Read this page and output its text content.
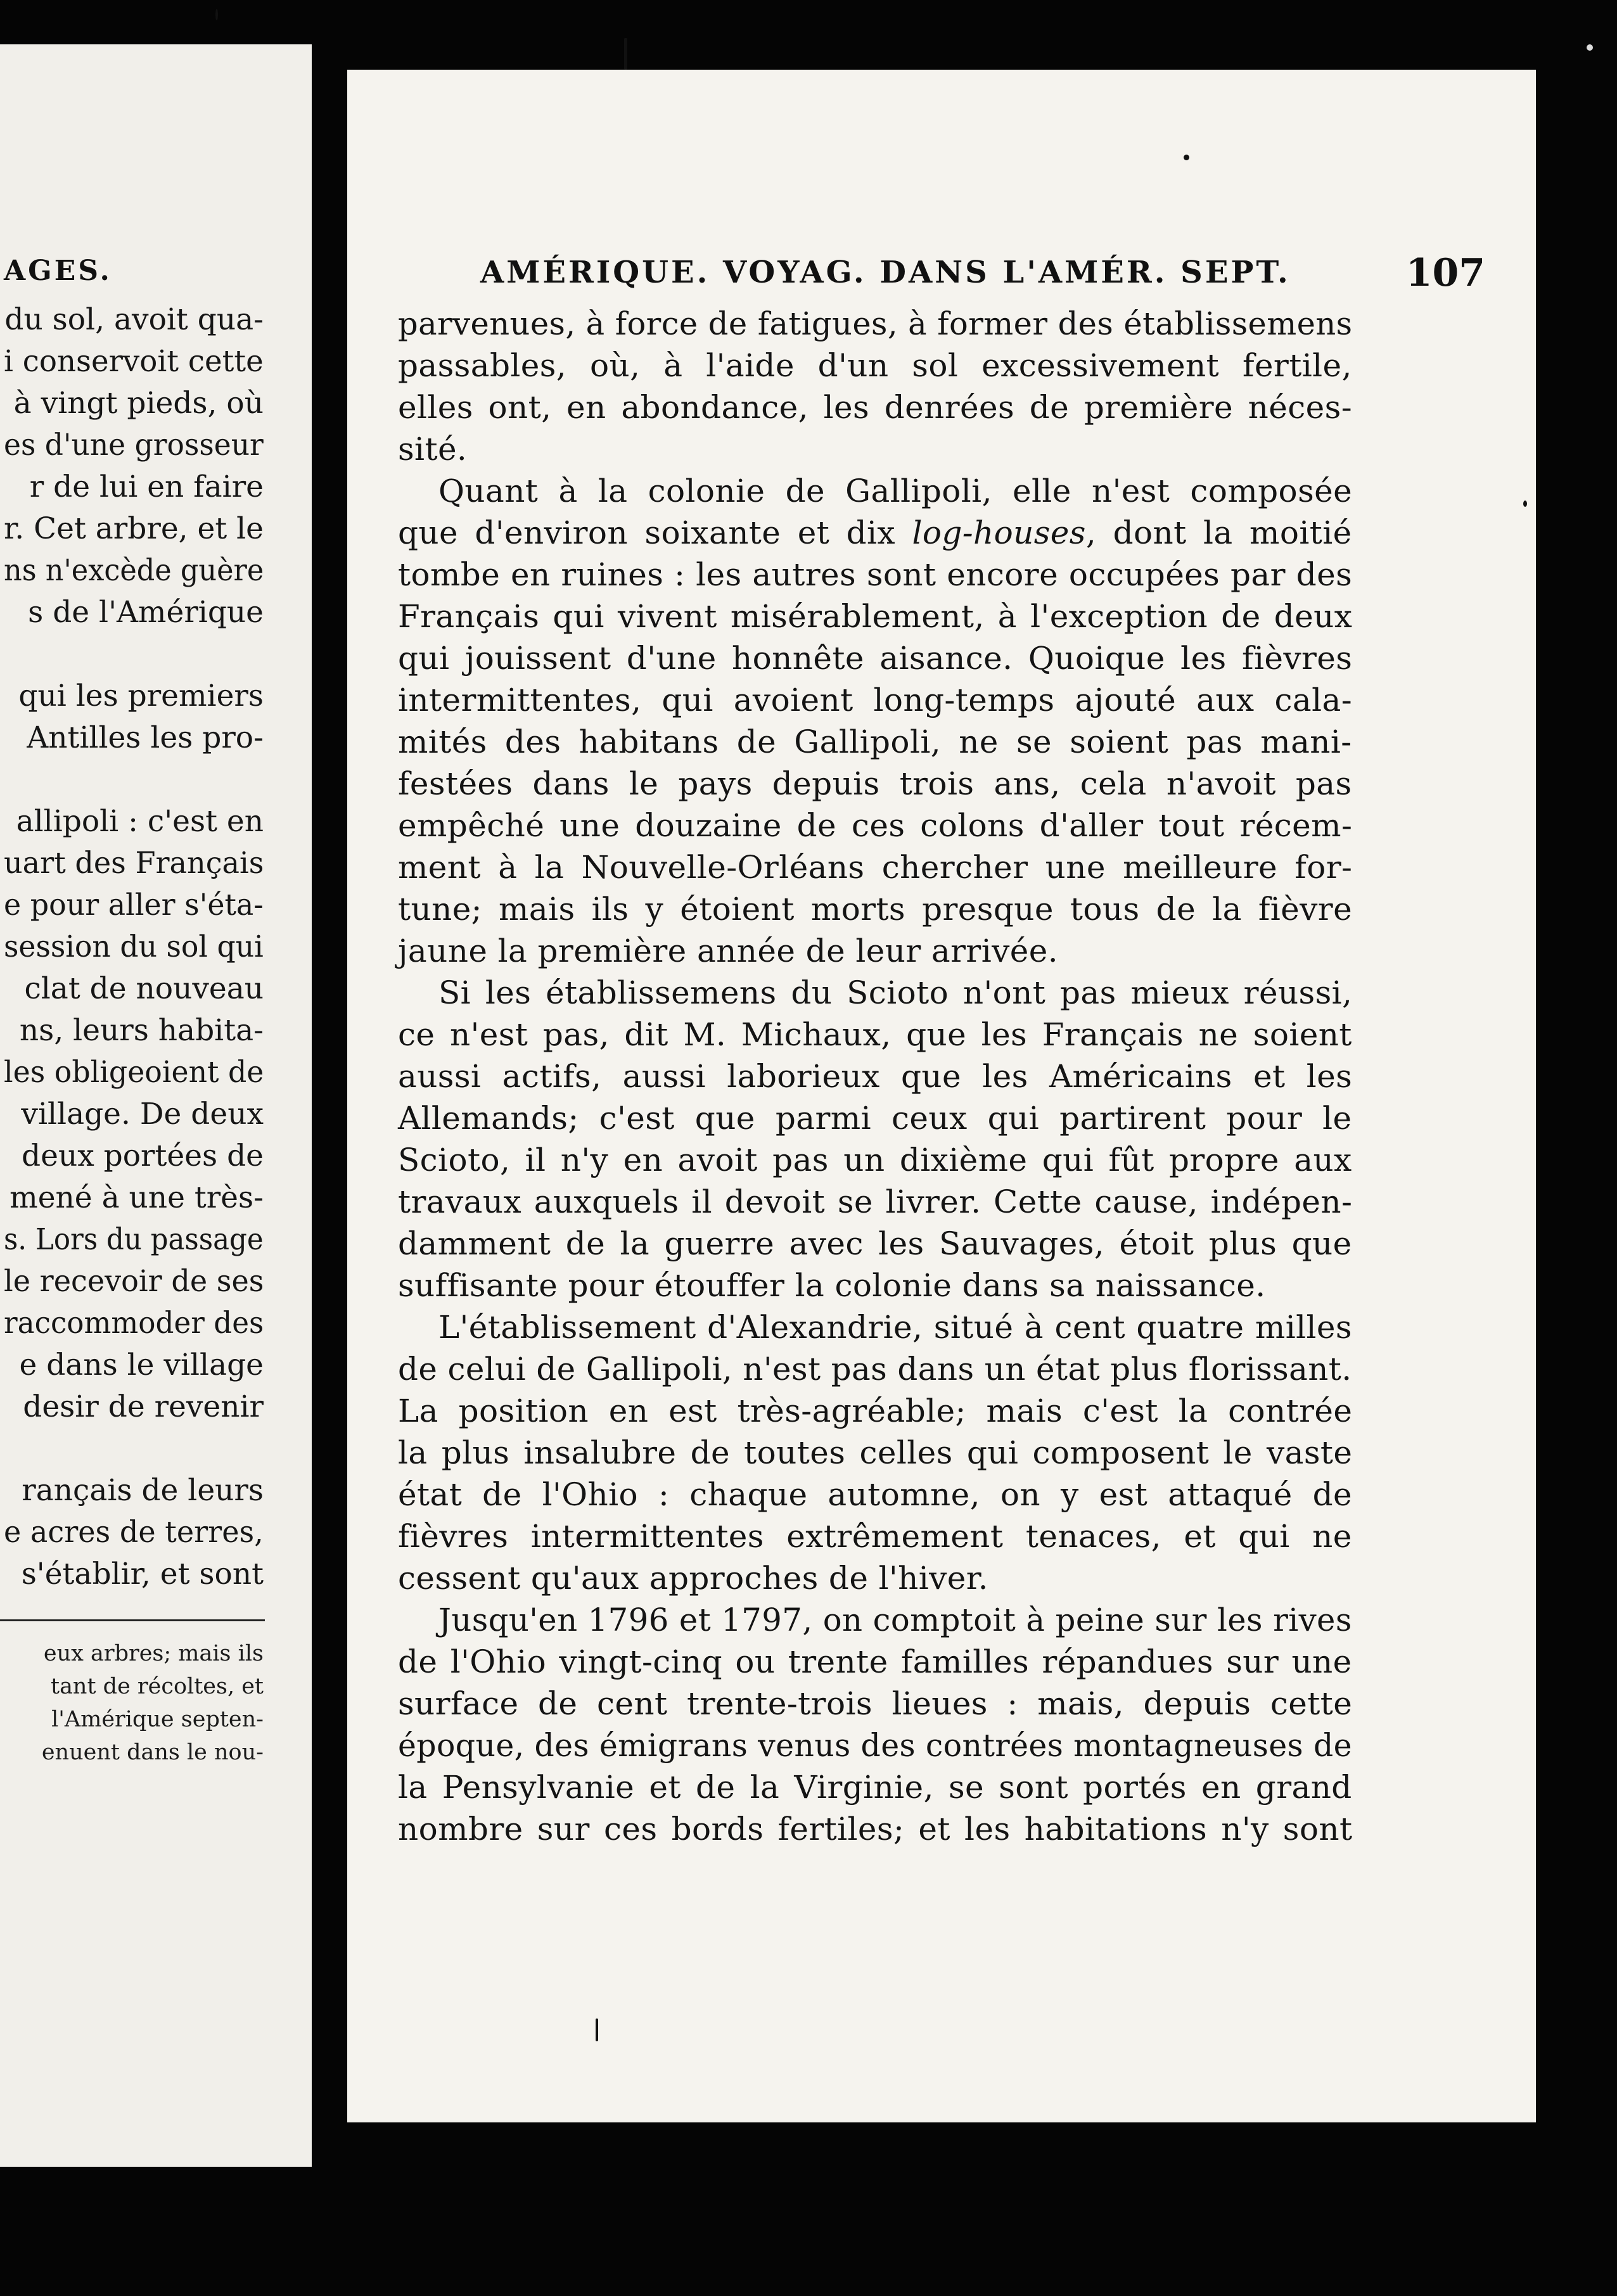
AGES.
du sol, avoit qua-
i conservoit cette
à vingt pieds, où
es d'une grosseur
r de lui en faire
r. Cet arbre, et le
ns n'excède guère
s de l'Amérique
qui les premiers
Antilles les pro-
allipoli : c'est en
uart des Français
e pour aller s'éta-
session du sol qui
clat de nouveau
ns, leurs habita-
les obligeoient de
village. De deux
deux portées de
mené à une très-
s. Lors du passage
le recevoir de ses
raccommoder des
e dans le village
desir de revenir
rançais de leurs
e acres de terres,
s'établir, et sont
eux arbres; mais ils
tant de récoltes, et
l'Amérique septen-
enuent dans le nou-
AMÉRIQUE. VOYAG. DANS L'AMÉR. SEPT.	107
parvenues, à force de fatigues, à former des établissemens
passables, où, à l'aide d'un sol excessivement fertile,
elles ont, en abondance, les denrées de première néces-
sité.
Quant à la colonie de Gallipoli, elle n'est composée
que d'environ soixante et dix log-houses, dont la moitié
tombe en ruines : les autres sont encore occupées par des
Français qui vivent misérablement, à l'exception de deux
qui jouissent d'une honnête aisance. Quoique les fièvres
intermittentes, qui avoient long-temps ajouté aux cala-
mités des habitans de Gallipoli, ne se soient pas mani-
festées dans le pays depuis trois ans, cela n'avoit pas
empêché une douzaine de ces colons d'aller tout récem-
ment à la Nouvelle-Orléans chercher une meilleure for-
tune; mais ils y étoient morts presque tous de la fièvre
jaune la première année de leur arrivée.
Si les établissemens du Scioto n'ont pas mieux réussi,
ce n'est pas, dit M. Michaux, que les Français ne soient
aussi actifs, aussi laborieux que les Américains et les
Allemands; c'est que parmi ceux qui partirent pour le
Scioto, il n'y en avoit pas un dixième qui fût propre aux
travaux auxquels il devoit se livrer. Cette cause, indépen-
damment de la guerre avec les Sauvages, étoit plus que
suffisante pour étouffer la colonie dans sa naissance.
L'établissement d'Alexandrie, situé à cent quatre milles
de celui de Gallipoli, n'est pas dans un état plus florissant.
La position en est très-agréable; mais c'est la contrée
la plus insalubre de toutes celles qui composent le vaste
état de l'Ohio : chaque automne, on y est attaqué de
fièvres intermittentes extrêmement tenaces, et qui ne
cessent qu'aux approches de l'hiver.
Jusqu'en 1796 et 1797, on comptoit à peine sur les rives
de l'Ohio vingt-cinq ou trente familles répandues sur une
surface de cent trente-trois lieues : mais, depuis cette
époque, des émigrans venus des contrées montagneuses de
la Pensylvanie et de la Virginie, se sont portés en grand
nombre sur ces bords fertiles; et les habitations n'y sont
